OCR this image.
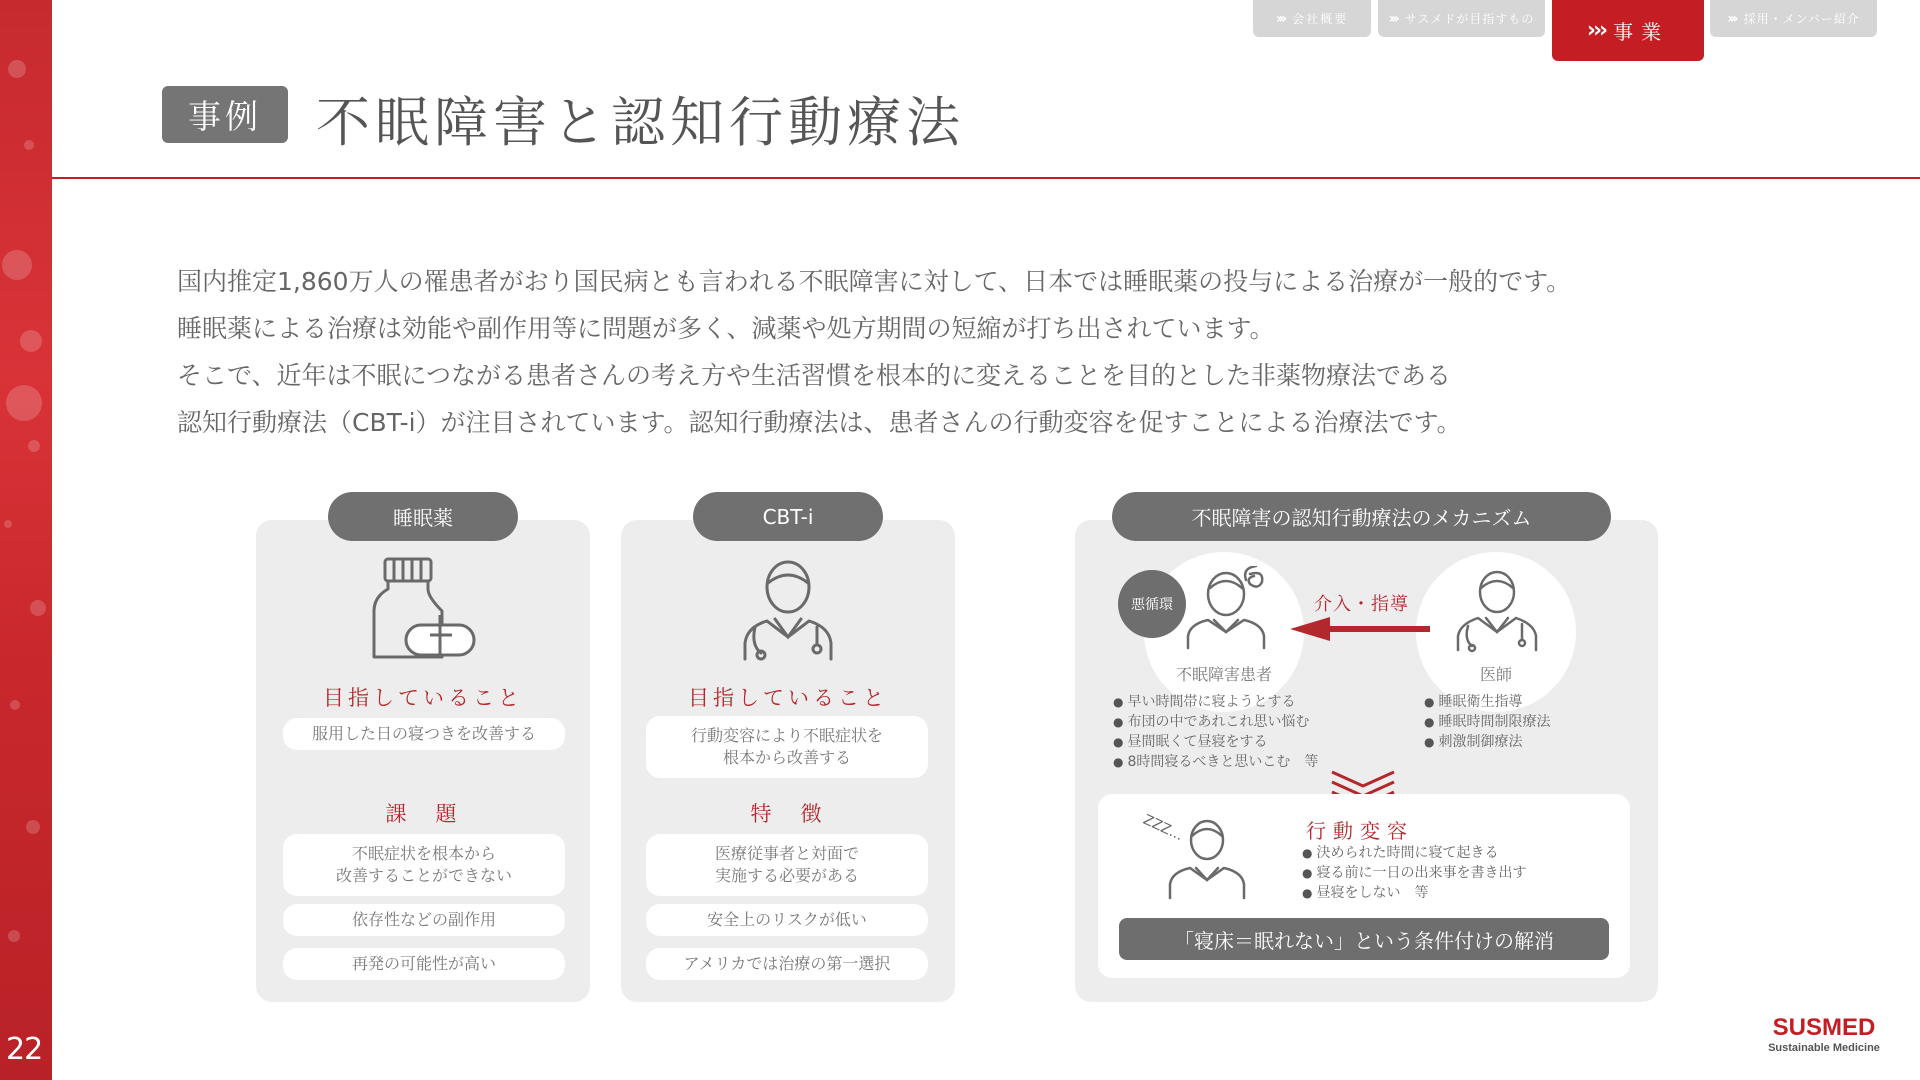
22
››› 会社概要	››› サスメドが目指すもの ››› 事業
››› 採用・メンバー紹介
事例	不眠障害と認知行動療法

国内推定1,860万人の罹患者がおり国民病とも言われる不眠障害に対して、日本では睡眠薬の投与による治療が一般的です。

睡眠薬による治療は効能や副作用等に問題が多く、減薬や処方期間の短縮が打ち出されています。

そこで、近年は不眠につながる患者さんの考え方や生活習慣を根本的に変えることを目的とした非薬物療法である

認知行動療法（CBT-i）が注目されています。認知行動療法は、患者さんの行動変容を促すことによる治療法です。

睡眠薬
目指していること
服用した日の寝つきを改善する
課　題
不眠症状を根本から
改善することができない
依存性などの副作用
再発の可能性が高い
CBT-i
目指していること
行動変容により不眠症状を
根本から改善する
特　徴
医療従事者と対面で
実施する必要がある
安全上のリスクが低い
アメリカでは治療の第一選択
不眠障害の認知行動療法のメカニズム
悪循環
不眠障害患者	医師
介入・指導
● 早い時間帯に寝ようとする
● 布団の中であれこれ思い悩む
● 昼間眠くて昼寝をする
● 8時間寝るべきと思いこむ　等
● 睡眠衛生指導
● 睡眠時間制限療法
● 刺激制御療法
ZZZ...	行動変容
● 決められた時間に寝て起きる
● 寝る前に一日の出来事を書き出す
● 昼寝をしない　等
「寝床＝眠れない」という条件付けの解消
SUSMED
Sustainable Medicine
